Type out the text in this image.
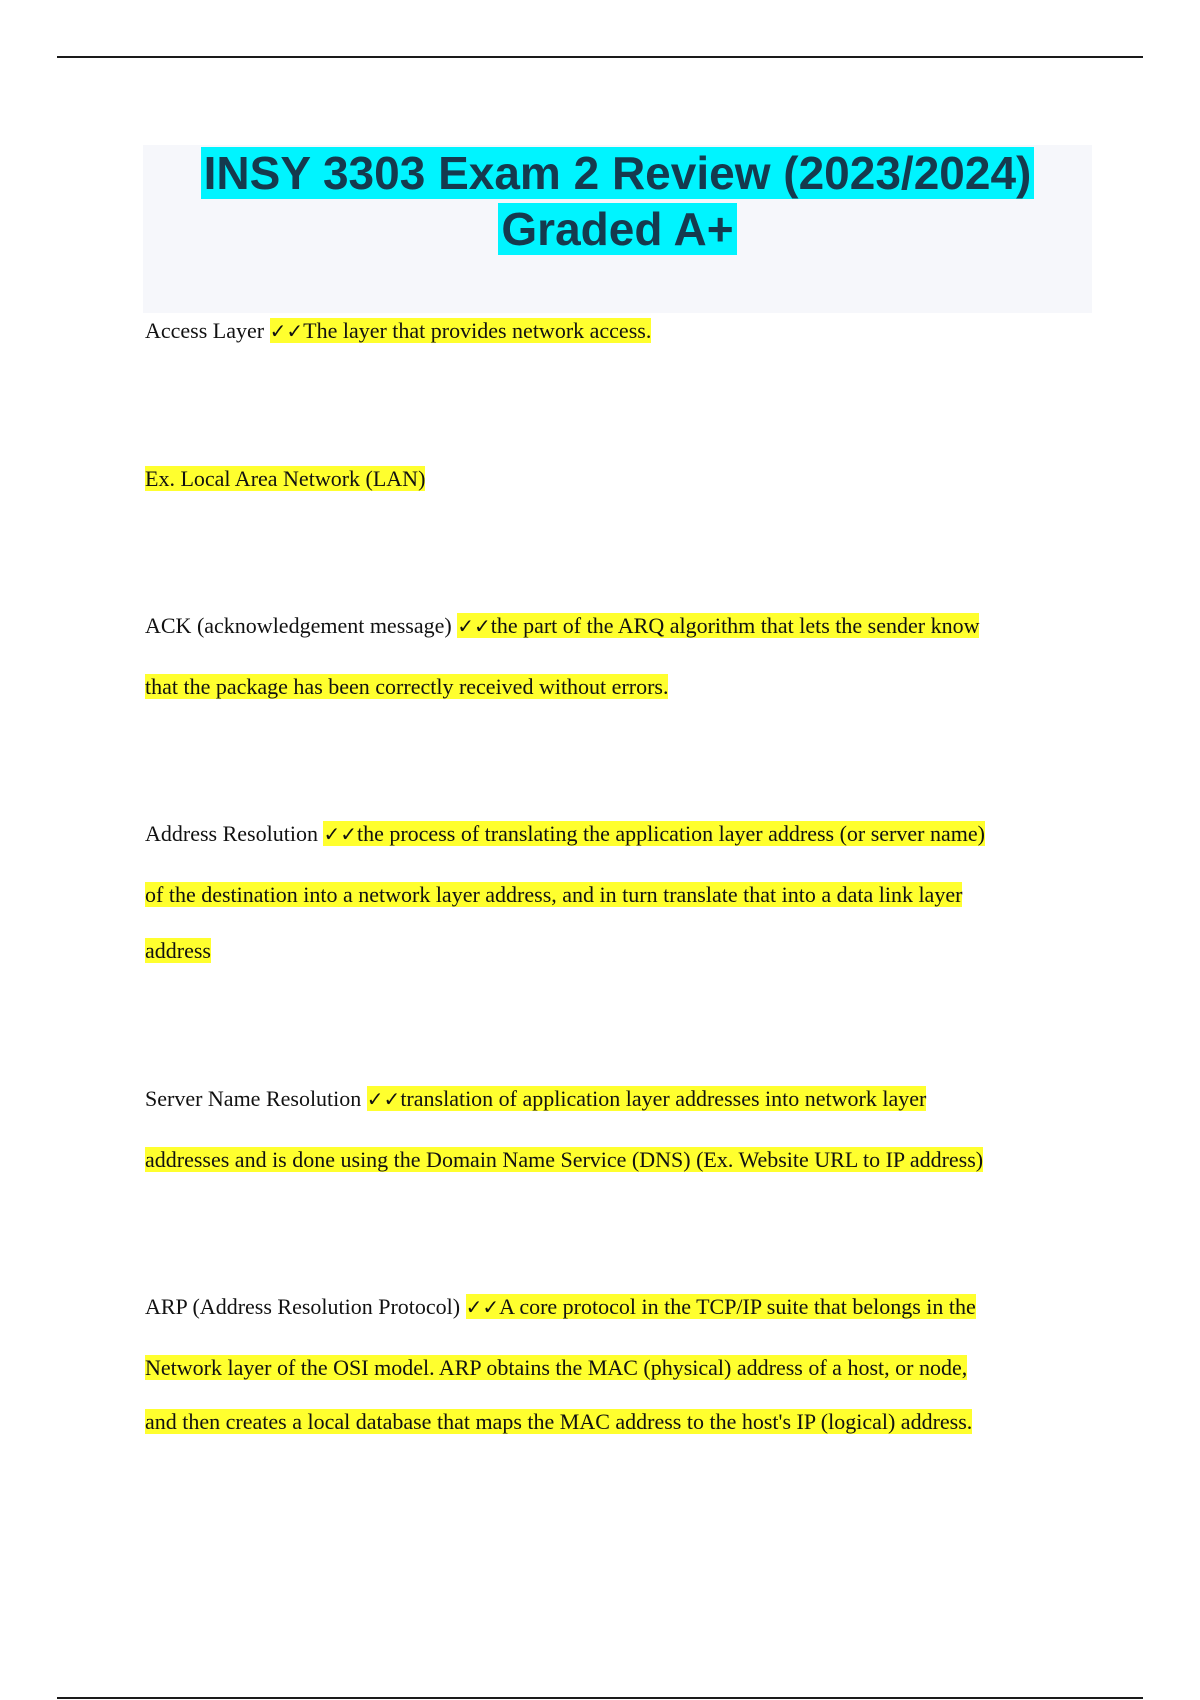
INSY 3303 Exam 2 Review (2023/2024)
Graded A+
Access Layer ✓✓The layer that provides network access.
Ex. Local Area Network (LAN)
ACK (acknowledgement message) ✓✓the part of the ARQ algorithm that lets the sender know
that the package has been correctly received without errors.
Address Resolution ✓✓the process of translating the application layer address (or server name)
of the destination into a network layer address, and in turn translate that into a data link layer
address
Server Name Resolution ✓✓translation of application layer addresses into network layer
addresses and is done using the Domain Name Service (DNS) (Ex. Website URL to IP address)
ARP (Address Resolution Protocol) ✓✓A core protocol in the TCP/IP suite that belongs in the
Network layer of the OSI model. ARP obtains the MAC (physical) address of a host, or node,
and then creates a local database that maps the MAC address to the host's IP (logical) address.
